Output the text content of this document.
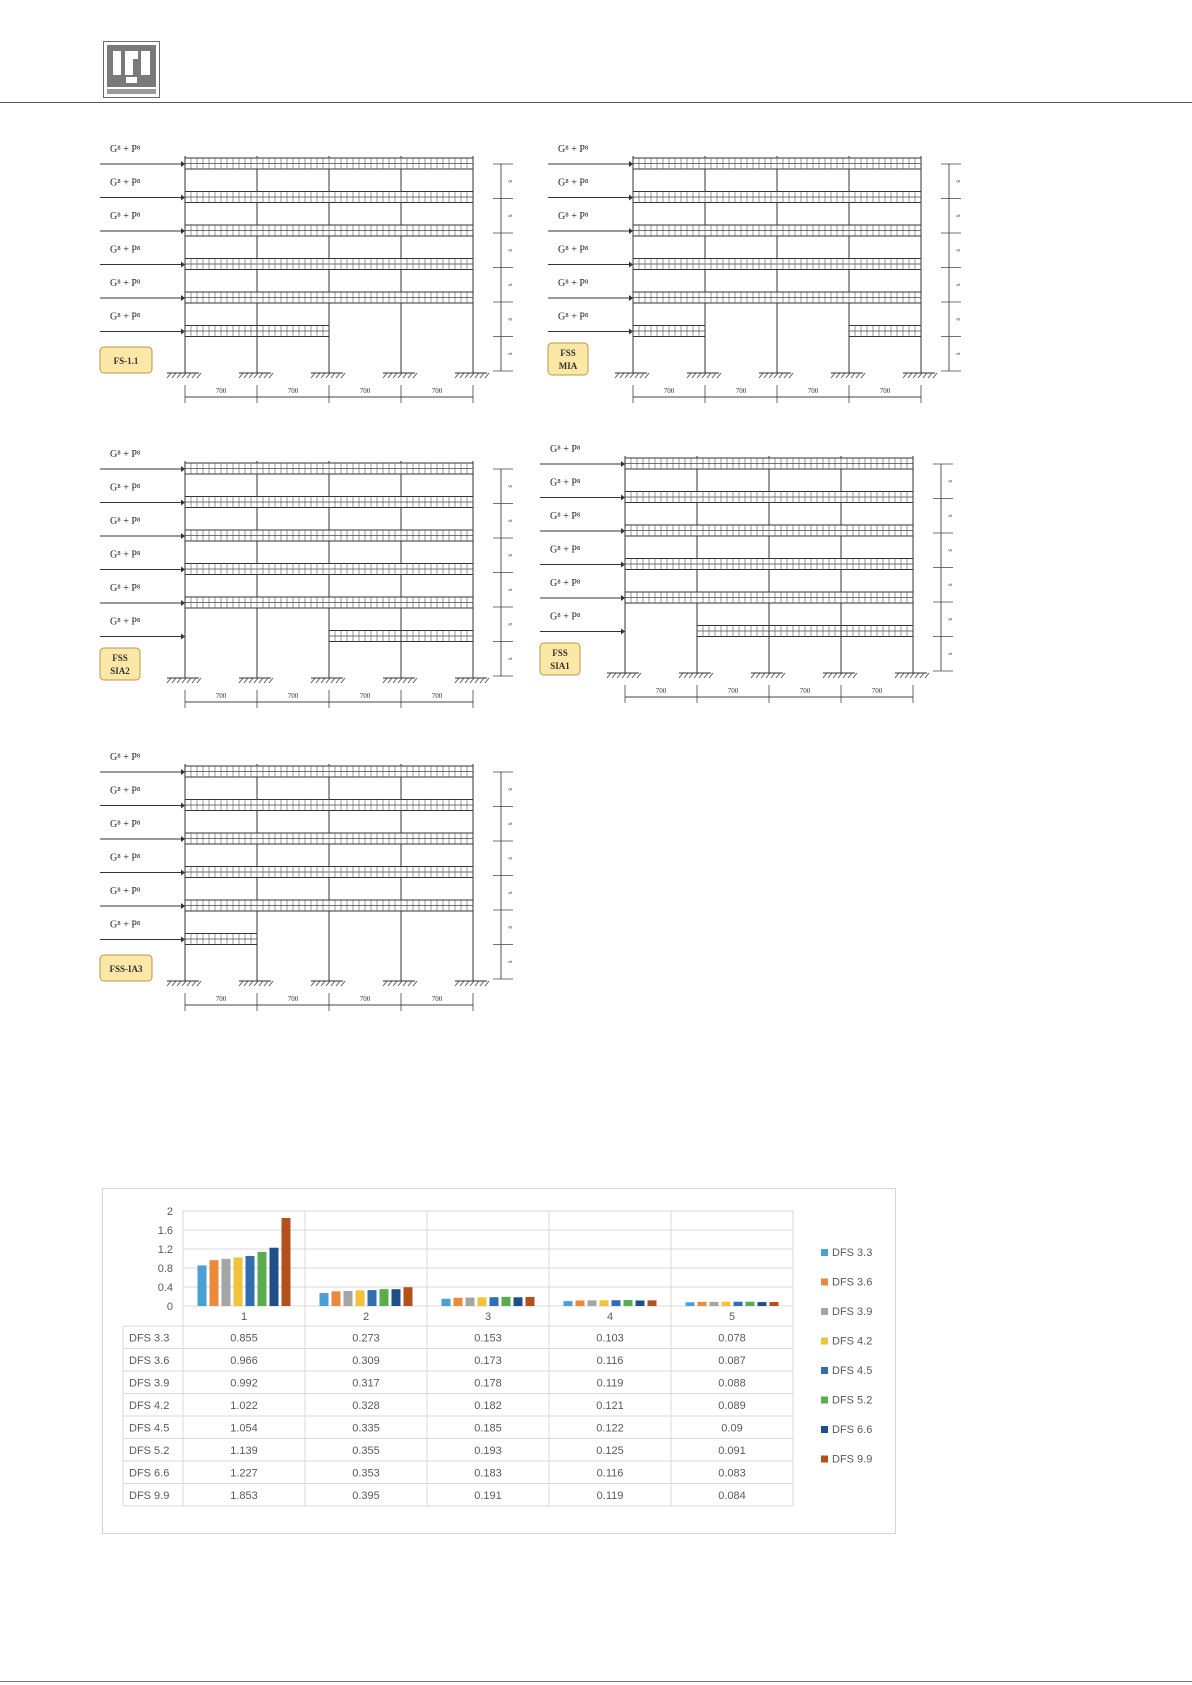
G⁸ + P⁸
G⁸ + P⁸
G⁸ + P⁸
G⁸ + P⁸
G⁸ + P⁸
G⁸ + P⁸
s
s
s
s
s
s
700	700	700	700
FS-1.1
G⁸ + P⁸
G⁸ + P⁸
G⁸ + P⁸
G⁸ + P⁸
G⁸ + P⁸
G⁸ + P⁸
s
s
s
s
s
s
700	700	700	700
FSS
MIA
G⁸ + P⁸
G⁸ + P⁸
G⁸ + P⁸
G⁸ + P⁸
G⁸ + P⁸
G⁸ + P⁸
s
s
s
s
s
s
700	700	700	700
FSS
SIA2
G⁸ + P⁸
G⁸ + P⁸
G⁸ + P⁸
G⁸ + P⁸
G⁸ + P⁸
G⁸ + P⁸
s
s
s
s
s
s
700	700	700	700
FSS
SIA1
G⁸ + P⁸
G⁸ + P⁸
G⁸ + P⁸
G⁸ + P⁸
G⁸ + P⁸
G⁸ + P⁸
s
s
s
s
s
s
700	700	700	700
FSS-IA3
0
0.4
0.8
1.2
1.6
2
1	2	3	4	5
DFS 3.3	0.855	0.273	0.153	0.103	0.078
DFS 3.6	0.966	0.309	0.173	0.116	0.087
DFS 3.9	0.992	0.317	0.178	0.119	0.088
DFS 4.2	1.022	0.328	0.182	0.121	0.089
DFS 4.5	1.054	0.335	0.185	0.122	0.09
DFS 5.2	1.139	0.355	0.193	0.125	0.091
DFS 6.6	1.227	0.353	0.183	0.116	0.083
DFS 9.9	1.853	0.395	0.191	0.119	0.084
DFS 3.3
DFS 3.6
DFS 3.9
DFS 4.2
DFS 4.5
DFS 5.2
DFS 6.6
DFS 9.9
